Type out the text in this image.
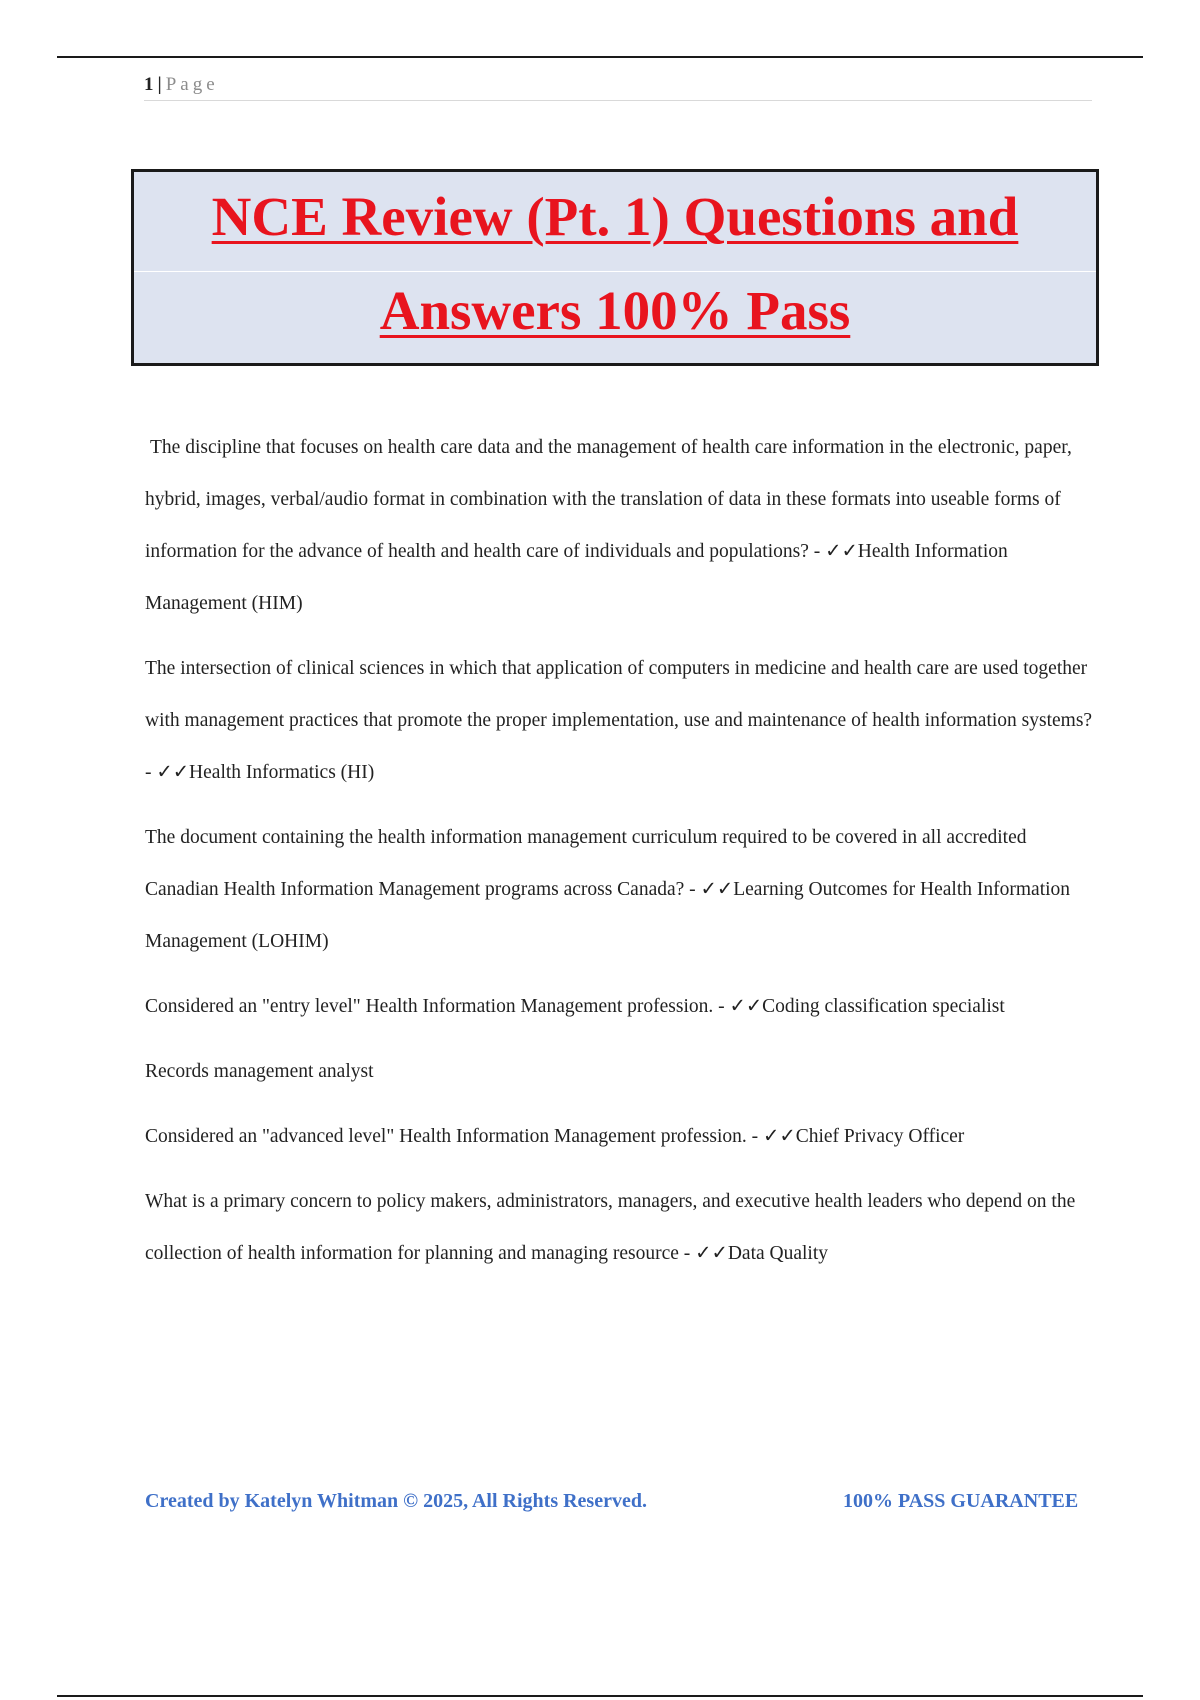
1 | Page
NCE Review (Pt. 1) Questions and
Answers 100% Pass

The discipline that focuses on health care data and the management of health care information in the electronic, paper, hybrid, images, verbal/audio format in combination with the translation of data in these formats into useable forms of information for the advance of health and health care of individuals and populations? - ✓✓Health Information Management (HIM)

The intersection of clinical sciences in which that application of computers in medicine and health care are used together with management practices that promote the proper implementation, use and maintenance of health information systems? - ✓✓Health Informatics (HI)

The document containing the health information management curriculum required to be covered in all accredited Canadian Health Information Management programs across Canada? - ✓✓Learning Outcomes for Health Information Management (LOHIM)

Considered an "entry level" Health Information Management profession. - ✓✓Coding classification specialist

Records management analyst

Considered an "advanced level" Health Information Management profession. - ✓✓Chief Privacy Officer

What is a primary concern to policy makers, administrators, managers, and executive health leaders who depend on the collection of health information for planning and managing resource - ✓✓Data Quality

Created by Katelyn Whitman © 2025, All Rights Reserved.	100% PASS GUARANTEE
